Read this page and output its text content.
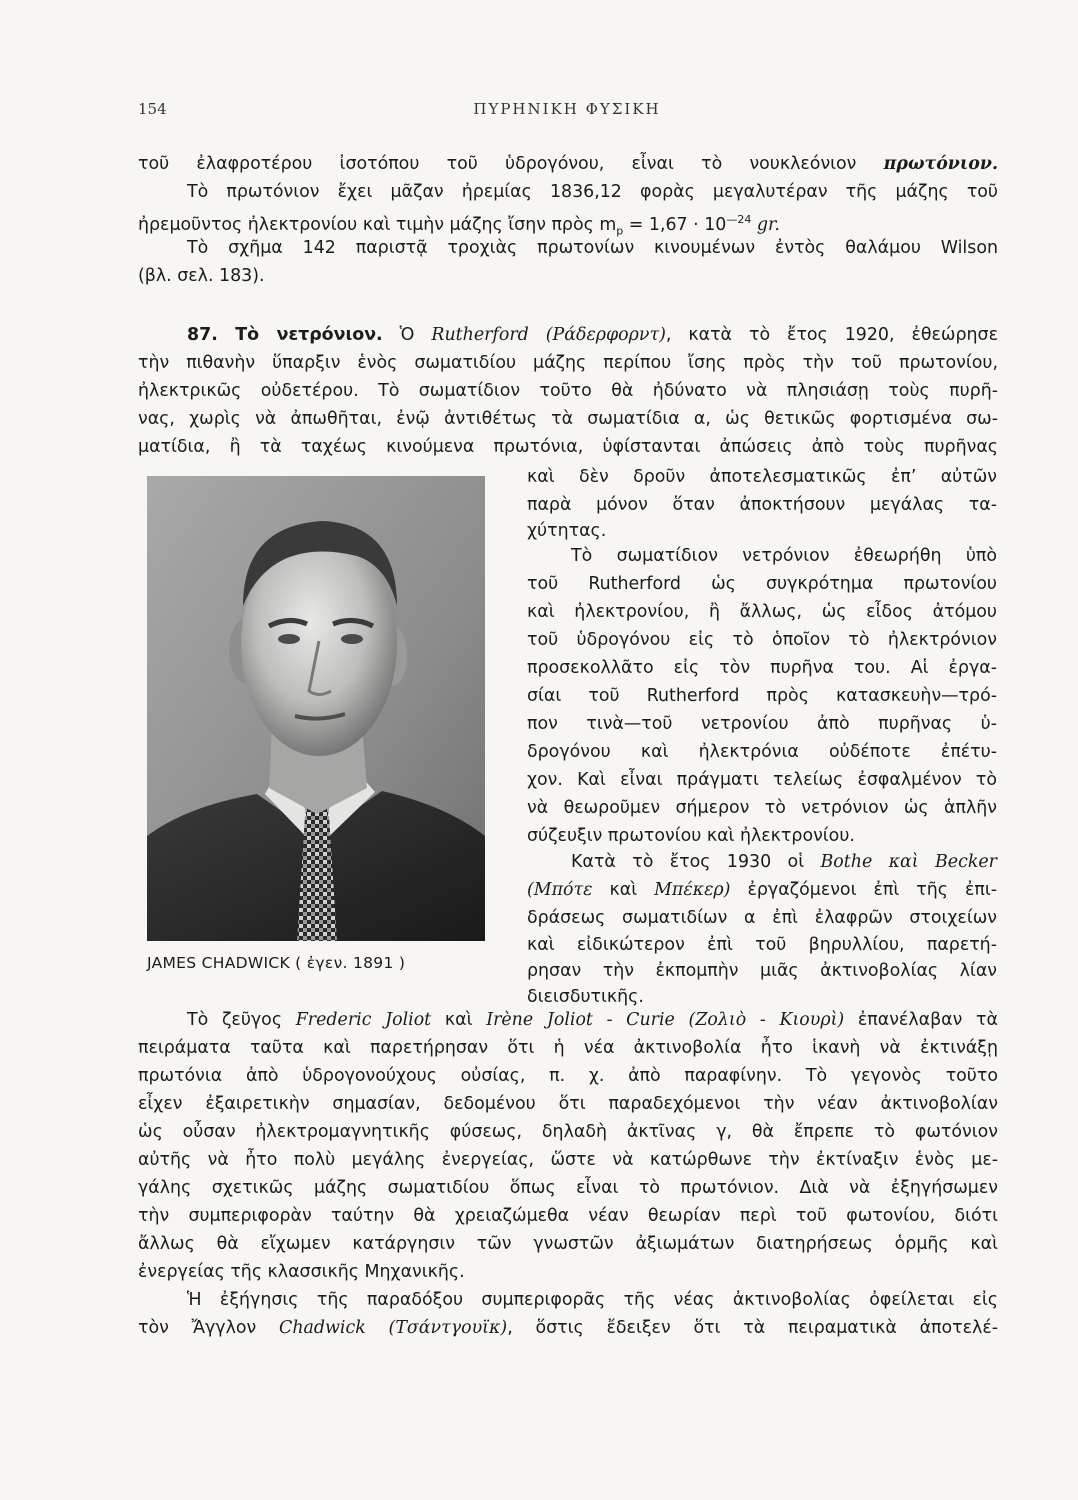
154	ΠΥΡΗΝΙΚΗ ΦΥΣΙΚΗ
τοῦ ἐλαφροτέρου ἰσοτόπου τοῦ ὑδρογόνου, εἶναι τὸ νουκλεόνιον πρωτόνιον.
Τὸ πρωτόνιον ἔχει μᾶζαν ἠρεμίας 1836,12 φορὰς μεγαλυτέραν τῆς μάζης τοῦ
ἠρεμοῦντος ἠλεκτρονίου καὶ τιμὴν μάζης ἴσην πρὸς $m_p = 1,67 \cdot 10^{—24}$ gr.
Τὸ σχῆμα 142 παριστᾷ τροχιὰς πρωτονίων κινουμένων ἐντὸς θαλάμου Wilson
(βλ. σελ. 183).
87. Τὸ νετρόνιον. Ὁ Rutherford (Ράδερφορντ), κατὰ τὸ ἔτος 1920, ἐθεώρησε
τὴν πιθανὴν ὕπαρξιν ἑνὸς σωματιδίου μάζης περίπου ἴσης πρὸς τὴν τοῦ πρωτονίου,
ἠλεκτρικῶς οὐδετέρου. Τὸ σωματίδιον τοῦτο θὰ ἠδύνατο νὰ πλησιάσῃ τοὺς πυρῆ-
νας, χωρὶς νὰ ἀπωθῆται, ἐνῷ ἀντιθέτως τὰ σωματίδια α, ὡς θετικῶς φορτισμένα σω-
ματίδια, ἢ τὰ ταχέως κινούμενα πρωτόνια, ὑφίστανται ἀπώσεις ἀπὸ τοὺς πυρῆνας
καὶ δὲν δροῦν ἀποτελεσματικῶς ἐπ’ αὐτῶν
παρὰ μόνον ὅταν ἀποκτήσουν μεγάλας τα-
χύτητας.
Τὸ σωματίδιον νετρόνιον ἐθεωρήθη ὑπὸ
τοῦ Rutherford ὡς συγκρότημα πρωτονίου
καὶ ἠλεκτρονίου, ἢ ἄλλως, ὡς εἶδος ἀτόμου
τοῦ ὑδρογόνου εἰς τὸ ὁποῖον τὸ ἠλεκτρόνιον
προσεκολλᾶτο εἰς τὸν πυρῆνα του. Αἱ ἐργα-
σίαι τοῦ Rutherford πρὸς κατασκευὴν—τρό-
πον τινὰ—τοῦ νετρονίου ἀπὸ πυρῆνας ὑ-
δρογόνου καὶ ἠλεκτρόνια οὐδέποτε ἐπέτυ-
χον. Καὶ εἶναι πράγματι τελείως ἐσφαλμένον τὸ
νὰ θεωροῦμεν σήμερον τὸ νετρόνιον ὡς ἁπλῆν
σύζευξιν πρωτονίου καὶ ἠλεκτρονίου.
Κατὰ τὸ ἔτος 1930 οἱ Bothe καὶ Becker
(Μπότε καὶ Μπέκερ) ἐργαζόμενοι ἐπὶ τῆς ἐπι-
δράσεως σωματιδίων α ἐπὶ ἐλαφρῶν στοιχείων
καὶ εἰδικώτερον ἐπὶ τοῦ βηρυλλίου, παρετή-
ρησαν τὴν ἐκπομπὴν μιᾶς ἀκτινοβολίας λίαν
διεισδυτικῆς.
JAMES CHADWICK ( ἐγεν. 1891 )
Τὸ ζεῦγος Frederic Joliot καὶ Irène Joliot - Curie (Ζολιὸ - Κιουρὶ) ἐπανέλαβαν τὰ
πειράματα ταῦτα καὶ παρετήρησαν ὅτι ἡ νέα ἀκτινοβολία ἦτο ἱκανὴ νὰ ἐκτινάξῃ
πρωτόνια ἀπὸ ὑδρογονούχους οὐσίας, π. χ. ἀπὸ παραφίνην. Τὸ γεγονὸς τοῦτο
εἶχεν ἐξαιρετικὴν σημασίαν, δεδομένου ὅτι παραδεχόμενοι τὴν νέαν ἀκτινοβολίαν
ὡς οὖσαν ἠλεκτρομαγνητικῆς φύσεως, δηλαδὴ ἀκτῖνας γ, θὰ ἔπρεπε τὸ φωτόνιον
αὐτῆς νὰ ἦτο πολὺ μεγάλης ἐνεργείας, ὥστε νὰ κατώρθωνε τὴν ἐκτίναξιν ἑνὸς με-
γάλης σχετικῶς μάζης σωματιδίου ὅπως εἶναι τὸ πρωτόνιον. Διὰ νὰ ἐξηγήσωμεν
τὴν συμπεριφορὰν ταύτην θὰ χρειαζώμεθα νέαν θεωρίαν περὶ τοῦ φωτονίου, διότι
ἄλλως θὰ εἴχωμεν κατάργησιν τῶν γνωστῶν ἀξιωμάτων διατηρήσεως ὁρμῆς καὶ
ἐνεργείας τῆς κλασσικῆς Μηχανικῆς.
Ἡ ἐξήγησις τῆς παραδόξου συμπεριφορᾶς τῆς νέας ἀκτινοβολίας ὀφείλεται εἰς
τὸν Ἄγγλον Chadwick (Τσάντγουϊκ), ὅστις ἔδειξεν ὅτι τὰ πειραματικὰ ἀποτελέ-
